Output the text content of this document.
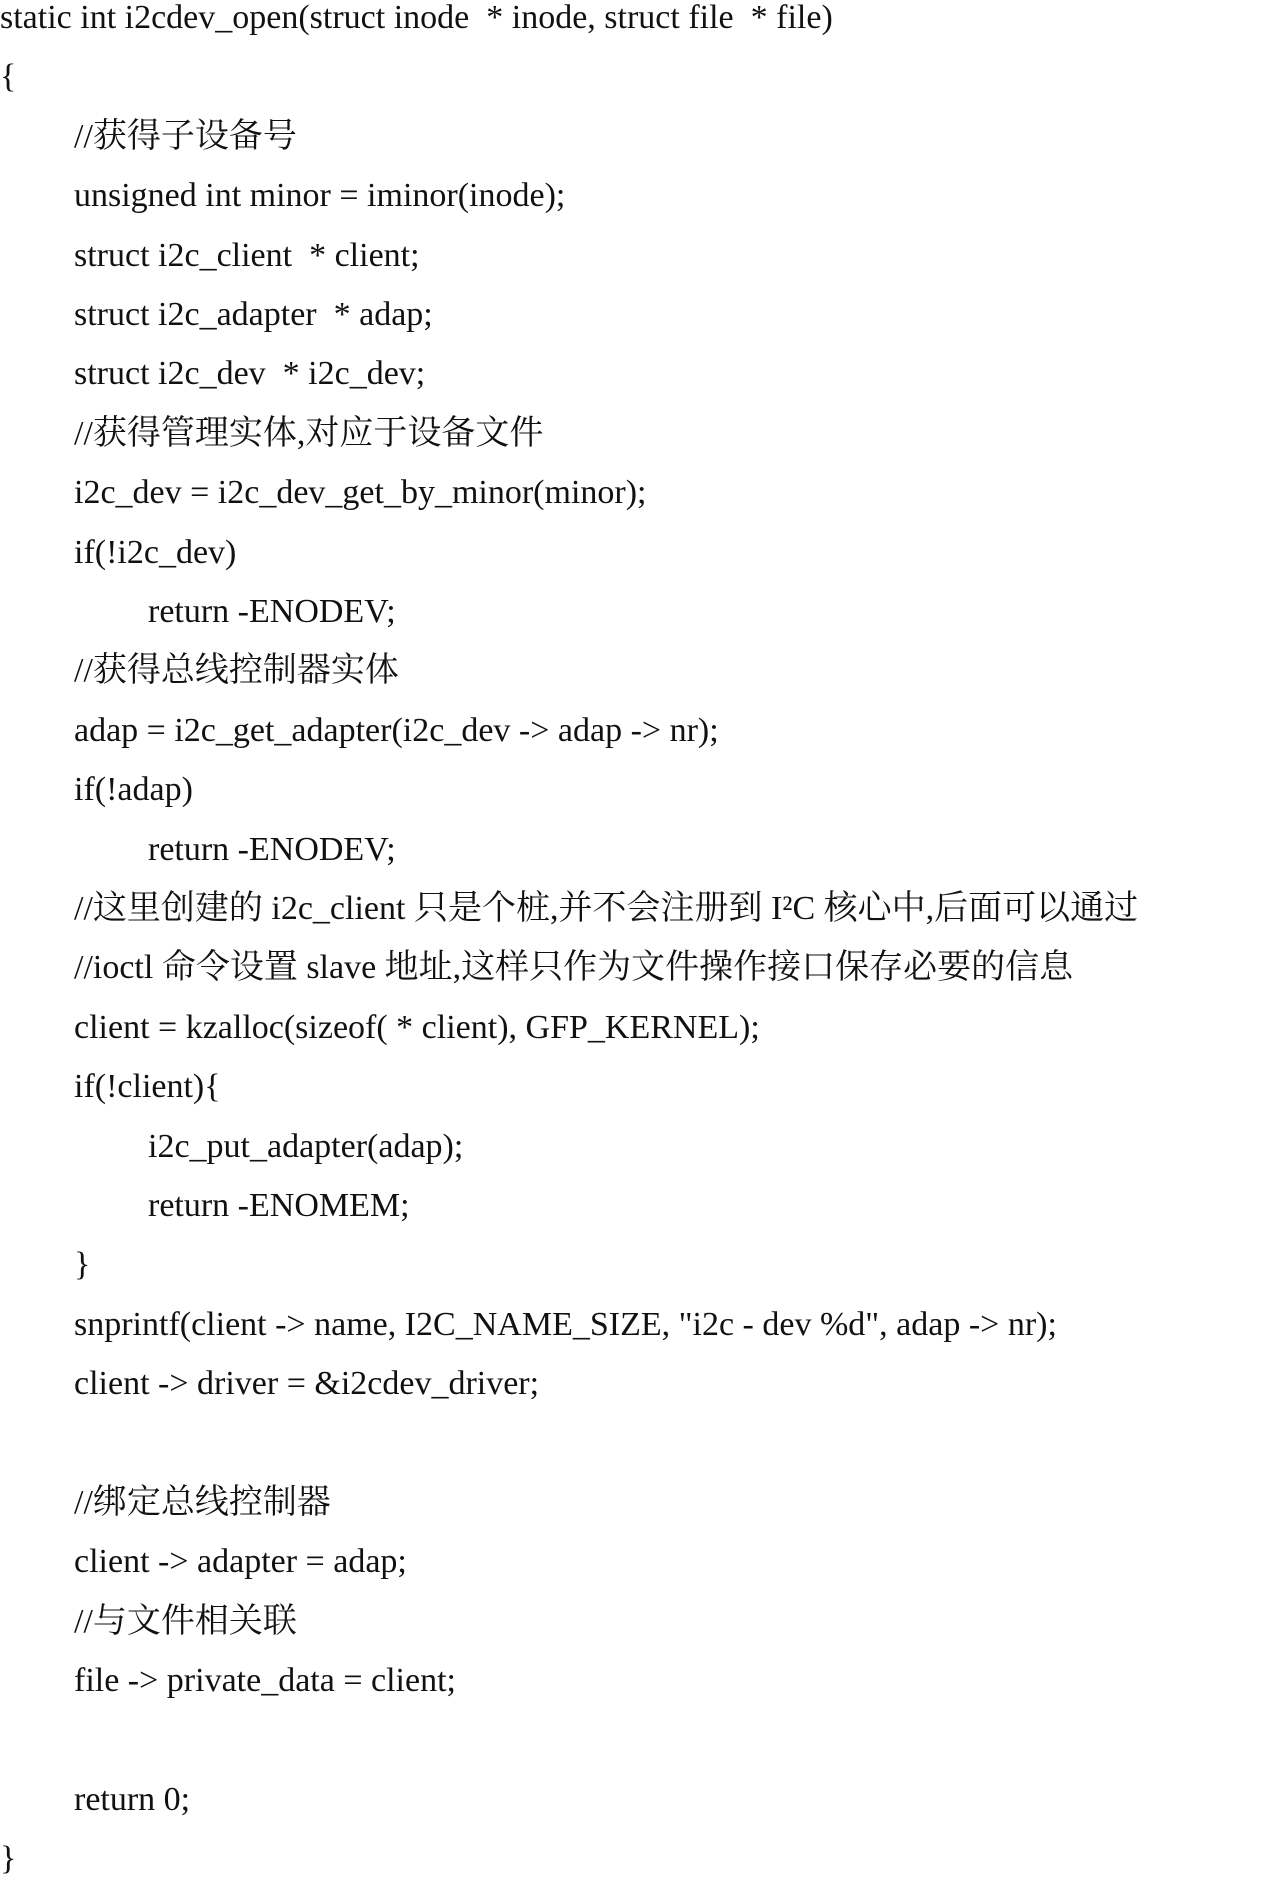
static int i2cdev_open(struct inode  * inode, struct file  * file)
{
//获得子设备号
unsigned int minor = iminor(inode);
struct i2c_client  * client;
struct i2c_adapter  * adap;
struct i2c_dev  * i2c_dev;
//获得管理实体,对应于设备文件
i2c_dev = i2c_dev_get_by_minor(minor);
if(!i2c_dev)
return -ENODEV;
//获得总线控制器实体
adap = i2c_get_adapter(i2c_dev -> adap -> nr);
if(!adap)
return -ENODEV;
//这里创建的 i2c_client 只是个桩,并不会注册到 I²C 核心中,后面可以通过
//ioctl 命令设置 slave 地址,这样只作为文件操作接口保存必要的信息
client = kzalloc(sizeof( * client), GFP_KERNEL);
if(!client){
i2c_put_adapter(adap);
return -ENOMEM;
}
snprintf(client -> name, I2C_NAME_SIZE, "i2c - dev %d", adap -> nr);
client -> driver = &i2cdev_driver;
//绑定总线控制器
client -> adapter = adap;
//与文件相关联
file -> private_data = client;
return 0;
}
